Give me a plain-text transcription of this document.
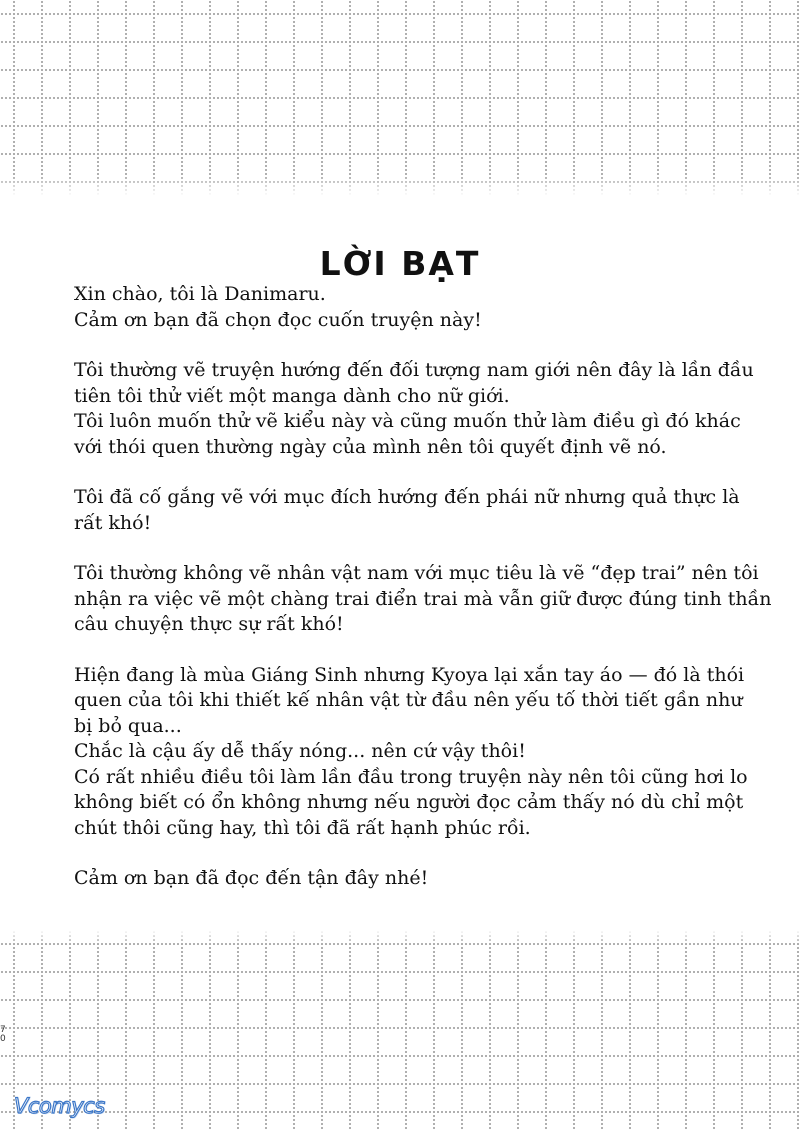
LỜI BẠT

Xin chào, tôi là Danimaru.
Cảm ơn bạn đã chọn đọc cuốn truyện này!

Tôi thường vẽ truyện hướng đến đối tượng nam giới nên đây là lần đầu
tiên tôi thử viết một manga dành cho nữ giới.
Tôi luôn muốn thử vẽ kiểu này và cũng muốn thử làm điều gì đó khác
với thói quen thường ngày của mình nên tôi quyết định vẽ nó.

Tôi đã cố gắng vẽ với mục đích hướng đến phái nữ nhưng quả thực là
rất khó!

Tôi thường không vẽ nhân vật nam với mục tiêu là vẽ “đẹp trai” nên tôi
nhận ra việc vẽ một chàng trai điển trai mà vẫn giữ được đúng tinh thần
câu chuyện thực sự rất khó!

Hiện đang là mùa Giáng Sinh nhưng Kyoya lại xắn tay áo — đó là thói
quen của tôi khi thiết kế nhân vật từ đầu nên yếu tố thời tiết gần như
bị bỏ qua...
Chắc là cậu ấy dễ thấy nóng... nên cứ vậy thôi!
Có rất nhiều điều tôi làm lần đầu trong truyện này nên tôi cũng hơi lo
không biết có ổn không nhưng nếu người đọc cảm thấy nó dù chỉ một
chút thôi cũng hay, thì tôi đã rất hạnh phúc rồi.

Cảm ơn bạn đã đọc đến tận đây nhé!

7
0
Vcomycs
